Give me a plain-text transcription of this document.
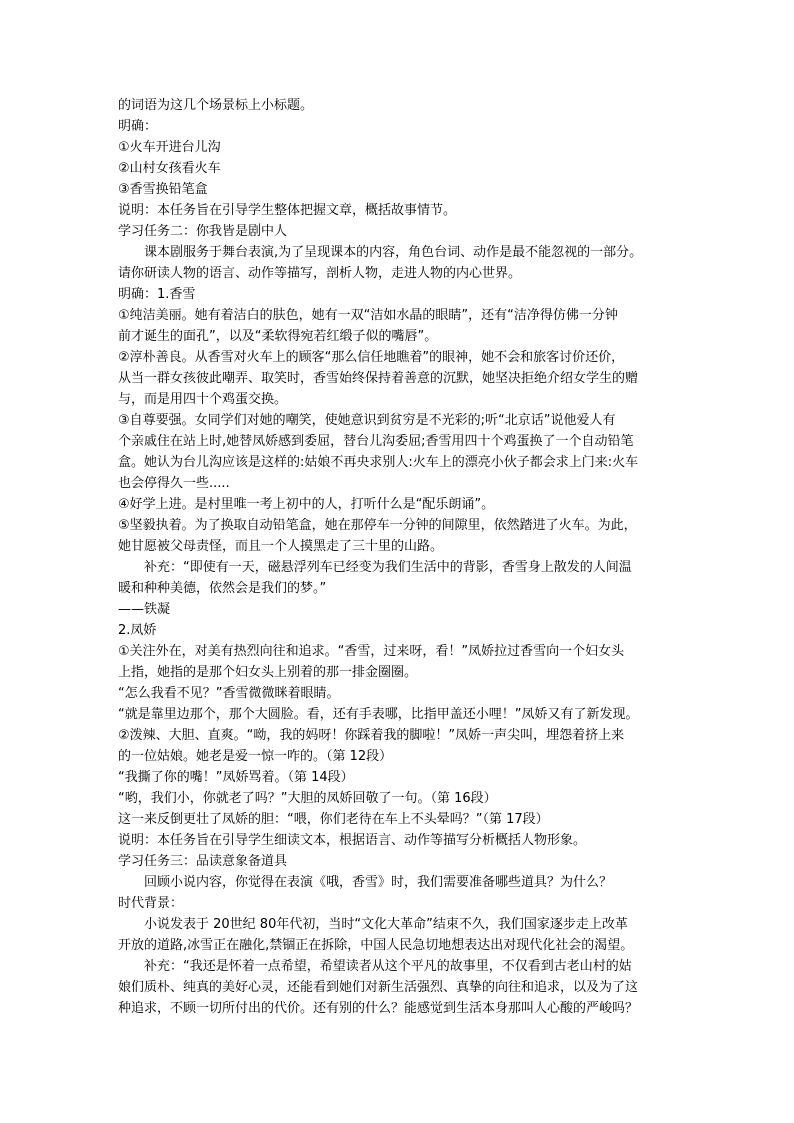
的词语为这几个场景标上小标题。
明确：
①火车开进台儿沟
②山村女孩看火车
③香雪换铅笔盒
说明：本任务旨在引导学生整体把握文章，概括故事情节。
学习任务二：你我皆是剧中人
课本剧服务于舞台表演,为了呈现课本的内容，角色台词、动作是最不能忽视的一部分。
请你研读人物的语言、动作等描写，剖析人物，走进人物的内心世界。
明确：1.香雪
①纯洁美丽。她有着洁白的肤色，她有一双“洁如水晶的眼睛”，还有“洁净得仿佛一分钟
前才诞生的面孔”，以及“柔软得宛若红缎子似的嘴唇”。
②淳朴善良。从香雪对火车上的顾客“那么信任地瞧着”的眼神，她不会和旅客讨价还价，
从当一群女孩彼此嘲弄、取笑时，香雪始终保持着善意的沉默，她坚决拒绝介绍女学生的赠
与，而是用四十个鸡蛋交换。
③自尊要强。女同学们对她的嘲笑，使她意识到贫穷是不光彩的;听“北京话”说他爱人有
个亲戚住在站上时,她替凤娇感到委屈，替台儿沟委屈;香雪用四十个鸡蛋换了一个自动铅笔
盒。她认为台儿沟应该是这样的:姑娘不再央求别人:火车上的漂亮小伙子都会求上门来:火车
也会停得久一些.....
④好学上进。是村里唯一考上初中的人，打听什么是“配乐朗诵”。
⑤坚毅执着。为了换取自动铅笔盒，她在那停车一分钟的间隙里，依然踏进了火车。为此，
她甘愿被父母责怪，而且一个人摸黑走了三十里的山路。
补充：“即使有一天，磁悬浮列车已经变为我们生活中的背影，香雪身上散发的人间温
暖和种种美德，依然会是我们的梦。”
——铁凝
2.凤娇
①关注外在，对美有热烈向往和追求。“香雪，过来呀，看！”凤娇拉过香雪向一个妇女头
上指，她指的是那个妇女头上别着的那一排金圈圈。
“怎么我看不见？”香雪微微眯着眼睛。
“就是靠里边那个，那个大圆脸。看，还有手表哪，比指甲盖还小哩！”凤娇又有了新发现。
②泼辣、大胆、直爽。“呦，我的妈呀！你踩着我的脚啦！”凤娇一声尖叫，埋怨着挤上来
的一位姑娘。她老是爱一惊一咋的。（第 12段）
“我撕了你的嘴！”凤娇骂着。（第 14段）
“哟，我们小，你就老了吗？”大胆的凤娇回敬了一句。（第 16段）
这一来反倒更壮了凤娇的胆：“喂，你们老待在车上不头晕吗？”（第 17段）
说明：本任务旨在引导学生细读文本，根据语言、动作等描写分析概括人物形象。
学习任务三：品读意象备道具
回顾小说内容，你觉得在表演《哦，香雪》时，我们需要准备哪些道具？为什么？
时代背景：
小说发表于 20世纪 80年代初，当时“文化大革命”结束不久，我们国家逐步走上改革
开放的道路,冰雪正在融化,禁锢正在拆除，中国人民急切地想表达出对现代化社会的渴望。
补充：“我还是怀着一点希望，希望读者从这个平凡的故事里，不仅看到古老山村的姑
娘们质朴、纯真的美好心灵，还能看到她们对新生活强烈、真挚的向往和追求，以及为了这
种追求，不顾一切所付出的代价。还有别的什么？能感觉到生活本身那叫人心酸的严峻吗？
